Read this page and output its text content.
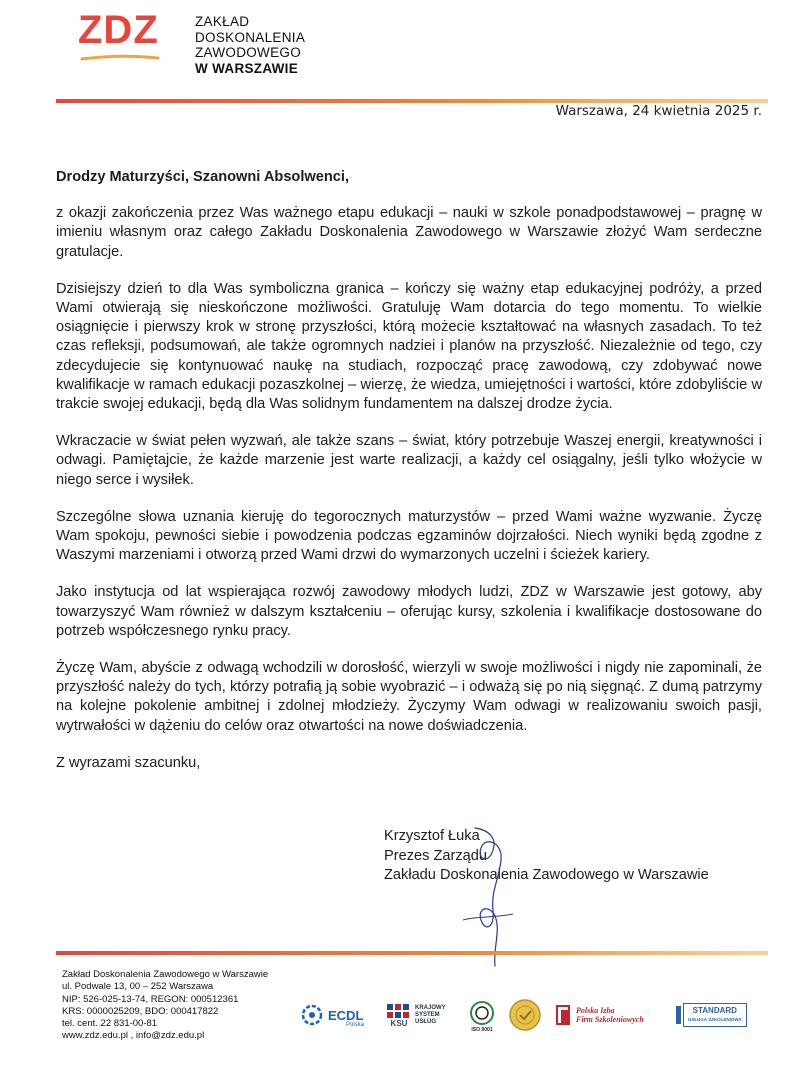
ZDZ	ZAKŁAD
DOSKONALENIA
ZAWODOWEGO
W WARSZAWIE
Warszawa, 24 kwietnia 2025 r.

Drodzy Maturzyści, Szanowni Absolwenci,

z okazji zakończenia przez Was ważnego etapu edukacji – nauki w szkole ponadpodstawowej – pragnę w imieniu własnym oraz całego Zakładu Doskonalenia Zawodowego w Warszawie złożyć Wam serdeczne gratulacje.

Dzisiejszy dzień to dla Was symboliczna granica – kończy się ważny etap edukacyjnej podróży, a przed Wami otwierają się nieskończone możliwości. Gratuluję Wam dotarcia do tego momentu. To wielkie osiągnięcie i pierwszy krok w stronę przyszłości, którą możecie kształtować na własnych zasadach. To też czas refleksji, podsumowań, ale także ogromnych nadziei i planów na przyszłość. Niezależnie od tego, czy zdecydujecie się kontynuować naukę na studiach, rozpocząć pracę zawodową, czy zdobywać nowe kwalifikacje w ramach edukacji pozaszkolnej – wierzę, że wiedza, umiejętności i wartości, które zdobyliście w trakcie swojej edukacji, będą dla Was solidnym fundamentem na dalszej drodze życia.

Wkraczacie w świat pełen wyzwań, ale także szans – świat, który potrzebuje Waszej energii, kreatywności i odwagi. Pamiętajcie, że każde marzenie jest warte realizacji, a każdy cel osiągalny, jeśli tylko włożycie w niego serce i wysiłek.

Szczególne słowa uznania kieruję do tegorocznych maturzystów – przed Wami ważne wyzwanie. Życzę Wam spokoju, pewności siebie i powodzenia podczas egzaminów dojrzałości. Niech wyniki będą zgodne z Waszymi marzeniami i otworzą przed Wami drzwi do wymarzonych uczelni i ścieżek kariery.

Jako instytucja od lat wspierająca rozwój zawodowy młodych ludzi, ZDZ w Warszawie jest gotowy, aby towarzyszyć Wam również w dalszym kształceniu – oferując kursy, szkolenia i kwalifikacje dostosowane do potrzeb współczesnego rynku pracy.

Życzę Wam, abyście z odwagą wchodzili w dorosłość, wierzyli w swoje możliwości i nigdy nie zapominali, że przyszłość należy do tych, którzy potrafią ją sobie wyobrazić – i odważą się po nią sięgnąć. Z dumą patrzymy na kolejne pokolenie ambitnej i zdolnej młodzieży. Życzymy Wam odwagi w realizowaniu swoich pasji, wytrwałości w dążeniu do celów oraz otwartości na nowe doświadczenia.

Z wyrazami szacunku,

Krzysztof Łuka
Prezes Zarządu
Zakładu Doskonalenia Zawodowego w Warszawie
Zakład Doskonalenia Zawodowego w Warszawie
ul. Podwale 13, 00 – 252 Warszawa
NIP: 526-025-13-74, REGON: 000512361
KRS: 0000025209, BDO: 000417822
tel. cent. 22 831-00-81
www.zdz.edu.pl , info@zdz.edu.pl
ECDL
Polska	KSU
KRAJOWY
SYSTEM
USŁUG
ISO 9001
Polska Izba
Firm Szkoleniowych
STANDARD
USŁUGA SZKOLENIOWA
